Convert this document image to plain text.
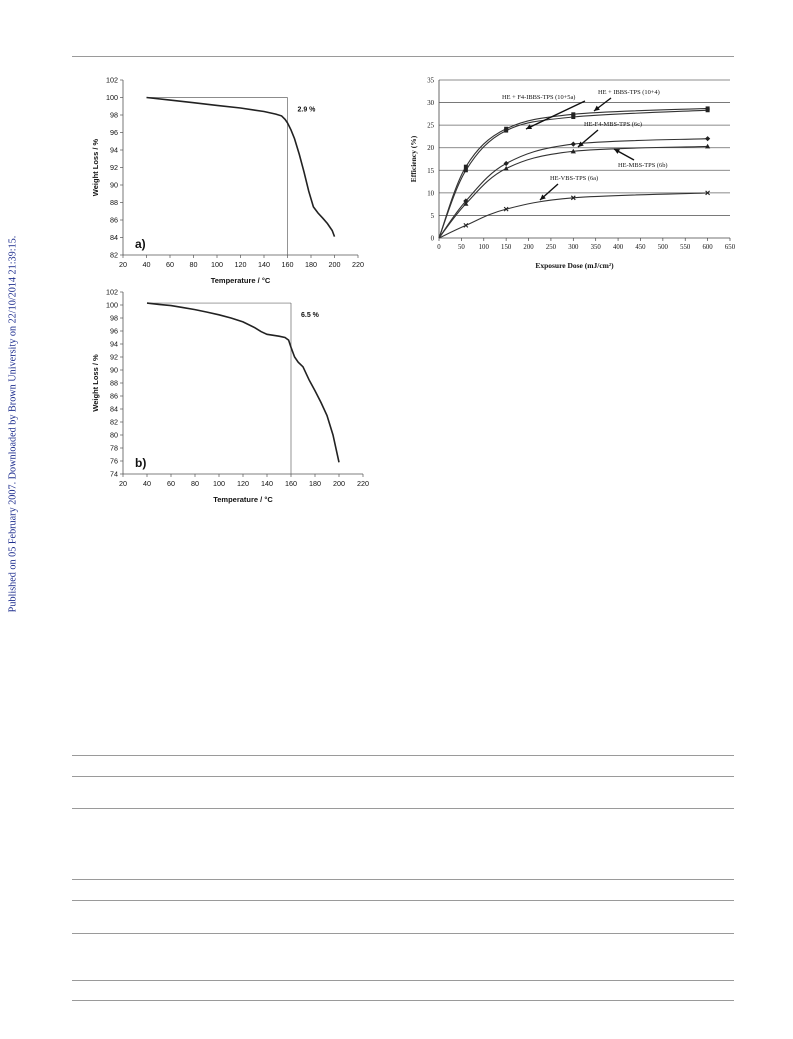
Published on 05 February 2007. Downloaded by Brown University on 22/10/2014 21:39:15.	82
84
86
88
90
92
94
96
98
100
102
20 40 60 80 100 120 140 160 180 200 220
2.9 %
a)
Temperature / °C
Weight Loss / %
74
76
78
80
82
84
86
88
90
92
94
96
98
100
102
20 40 60 80 100 120 140 160 180 200 220
6.5 %
b)
Temperature / °C
Weight Loss / %
0
5
10
15
20
25
30
35
0	50 100 150 200 250 300 350 400 450 500 550 600 650
HE + F4-IBBS-TPS (10+5a)
HE + IBBS-TPS (10+4)
HE-F4-MBS-TPS (6c)
HE-MBS-TPS (6b)
HE-VBS-TPS (6a)
Exposure Dose (mJ/cm²)
Efficiency (%)
